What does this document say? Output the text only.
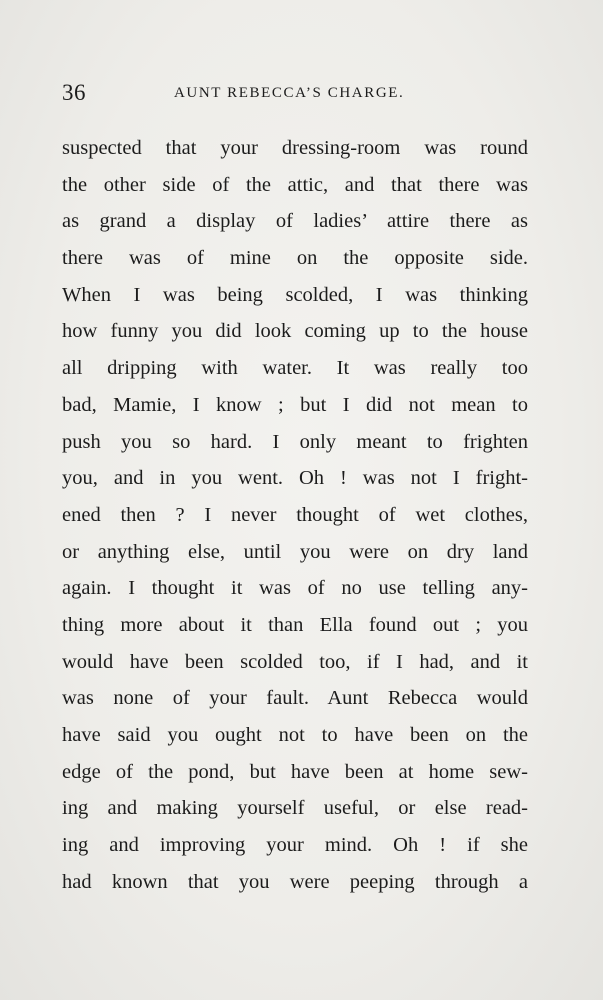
36	AUNT REBECCA’S CHARGE.
suspected that your dressing-room was round
the other side of the attic, and that there was
as grand a display of ladies’ attire there as
there was of mine on the opposite side.
When I was being scolded, I was thinking
how funny you did look coming up to the house
all dripping with water. It was really too
bad, Mamie, I know ; but I did not mean to
push you so hard. I only meant to frighten
you, and in you went. Oh ! was not I fright-
ened then ? I never thought of wet clothes,
or anything else, until you were on dry land
again. I thought it was of no use telling any-
thing more about it than Ella found out ; you
would have been scolded too, if I had, and it
was none of your fault. Aunt Rebecca would
have said you ought not to have been on the
edge of the pond, but have been at home sew-
ing and making yourself useful, or else read-
ing and improving your mind. Oh ! if she
had known that you were peeping through a
